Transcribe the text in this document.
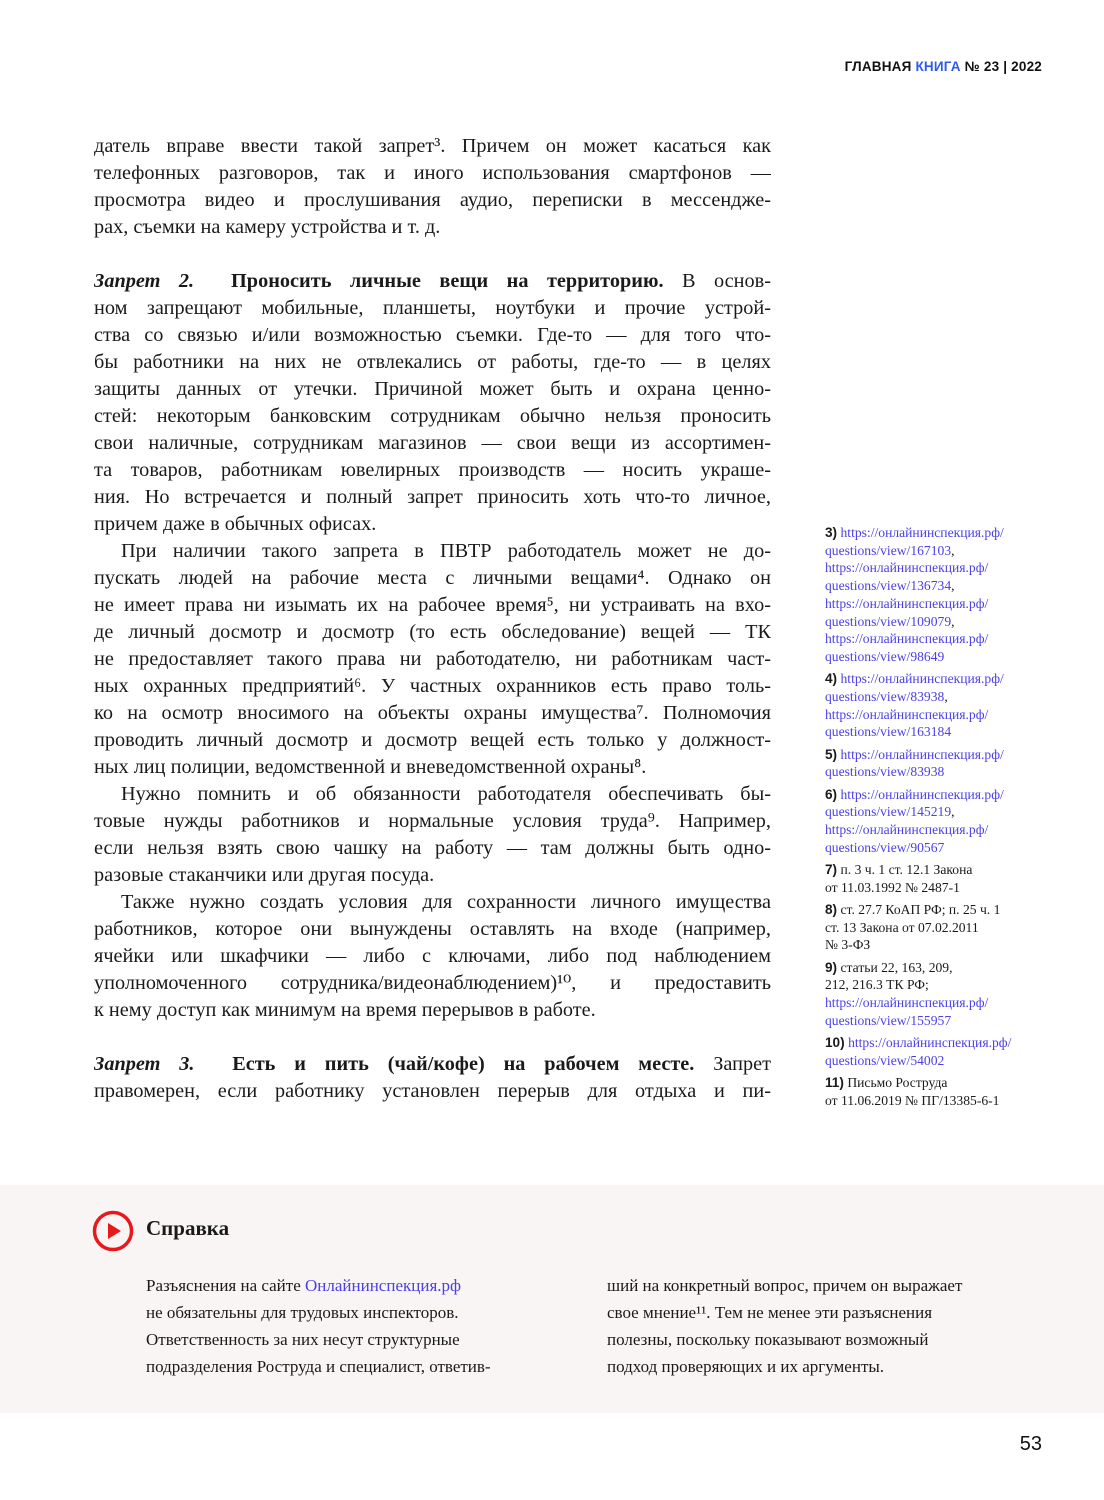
ГЛАВНАЯ КНИГА № 23 | 2022
датель вправе ввести такой запрет³. Причем он может касаться как
телефонных разговоров, так и иного использования смартфонов —
просмотра видео и прослушивания аудио, переписки в мессендже-
рах, съемки на камеру устройства и т. д.
Запрет 2. Проносить личные вещи на территорию. В основ-
ном запрещают мобильные, планшеты, ноутбуки и прочие устрой-
ства со связью и/или возможностью съемки. Где-то — для того что-
бы работники на них не отвлекались от работы, где-то — в целях
защиты данных от утечки. Причиной может быть и охрана ценно-
стей: некоторым банковским сотрудникам обычно нельзя проносить
свои наличные, сотрудникам магазинов — свои вещи из ассортимен-
та товаров, работникам ювелирных производств — носить украше-
ния. Но встречается и полный запрет приносить хоть что-то личное,
причем даже в обычных офисах.
При наличии такого запрета в ПВТР работодатель может не до-
пускать людей на рабочие места с личными вещами⁴. Однако он
не имеет права ни изымать их на рабочее время⁵, ни устраивать на вхо-
де личный досмотр и досмотр (то есть обследование) вещей — ТК
не предоставляет такого права ни работодателю, ни работникам част-
ных охранных предприятий⁶. У частных охранников есть право толь-
ко на осмотр вносимого на объекты охраны имущества⁷. Полномочия
проводить личный досмотр и досмотр вещей есть только у должност-
ных лиц полиции, ведомственной и вневедомственной охраны⁸.
Нужно помнить и об обязанности работодателя обеспечивать бы-
товые нужды работников и нормальные условия труда⁹. Например,
если нельзя взять свою чашку на работу — там должны быть одно-
разовые стаканчики или другая посуда.
Также нужно создать условия для сохранности личного имущества
работников, которое они вынуждены оставлять на входе (например,
ячейки или шкафчики — либо с ключами, либо под наблюдением
уполномоченного сотрудника/видеонаблюдением)¹⁰, и предоставить
к нему доступ как минимум на время перерывов в работе.
Запрет 3. Есть и пить (чай/кофе) на рабочем месте. Запрет
правомерен, если работнику установлен перерыв для отдыха и пи-
3) https://онлайнинспекция.рф/
questions/view/167103,
https://онлайнинспекция.рф/
questions/view/136734,
https://онлайнинспекция.рф/
questions/view/109079,
https://онлайнинспекция.рф/
questions/view/98649
4) https://онлайнинспекция.рф/
questions/view/83938,
https://онлайнинспекция.рф/
questions/view/163184
5) https://онлайнинспекция.рф/
questions/view/83938
6) https://онлайнинспекция.рф/
questions/view/145219,
https://онлайнинспекция.рф/
questions/view/90567
7) п. 3 ч. 1 ст. 12.1 Закона
от 11.03.1992 № 2487-1
8) ст. 27.7 КоАП РФ; п. 25 ч. 1
ст. 13 Закона от 07.02.2011
№ 3-ФЗ
9) статьи 22, 163, 209,
212, 216.3 ТК РФ;
https://онлайнинспекция.рф/
questions/view/155957
10) https://онлайнинспекция.рф/
questions/view/54002
11) Письмо Роструда
от 11.06.2019 № ПГ/13385-6-1
Справка
Разъяснения на сайте Онлайнинспекция.рф
не обязательны для трудовых инспекторов.
Ответственность за них несут структурные
подразделения Роструда и специалист, ответив-
ший на конкретный вопрос, причем он выражает
свое мнение¹¹. Тем не менее эти разъяснения
полезны, поскольку показывают возможный
подход проверяющих и их аргументы.
53
